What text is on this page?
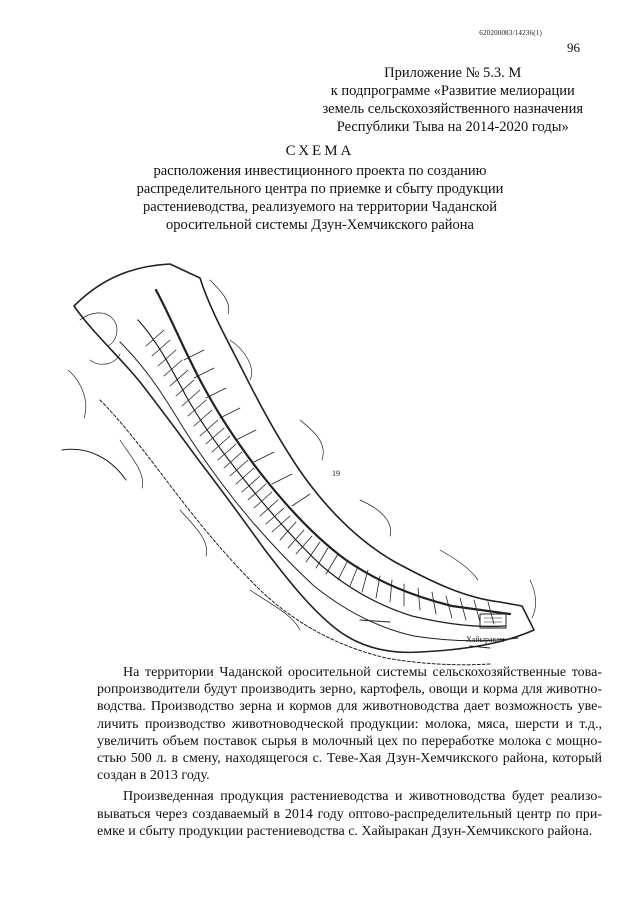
620200083/14236(1)
96
Приложение № 5.3. М
к подпрограмме «Развитие мелиорации
земель сельскохозяйственного назначения
Республики Тыва на 2014-2020 годы»
СХЕМА
расположения инвестиционного проекта по созданию
распределительного центра по приемке и сбыту продукции
растениеводства, реализуемого на территории Чаданской
оросительной системы Дзун-Хемчикского района
19
Хайыракан
На территории Чаданской оросительной системы сельскохозяйственные това-
ропроизводители будут производить зерно, картофель, овощи и корма для животно-
водства. Производство зерна и кормов для животноводства дает возможность уве-
личить производство животноводческой продукции: молока, мяса, шерсти и т.д.,
увеличить объем поставок сырья в молочный цех по переработке молока с мощно-
стью 500 л. в смену, находящегося с. Теве-Хая Дзун-Хемчикского района, который
создан в 2013 году.
Произведенная продукция растениеводства и животноводства будет реализо-
вываться через создаваемый в 2014 году оптово-распределительный центр по при-
емке и сбыту продукции растениеводства с. Хайыракан Дзун-Хемчикского района.
